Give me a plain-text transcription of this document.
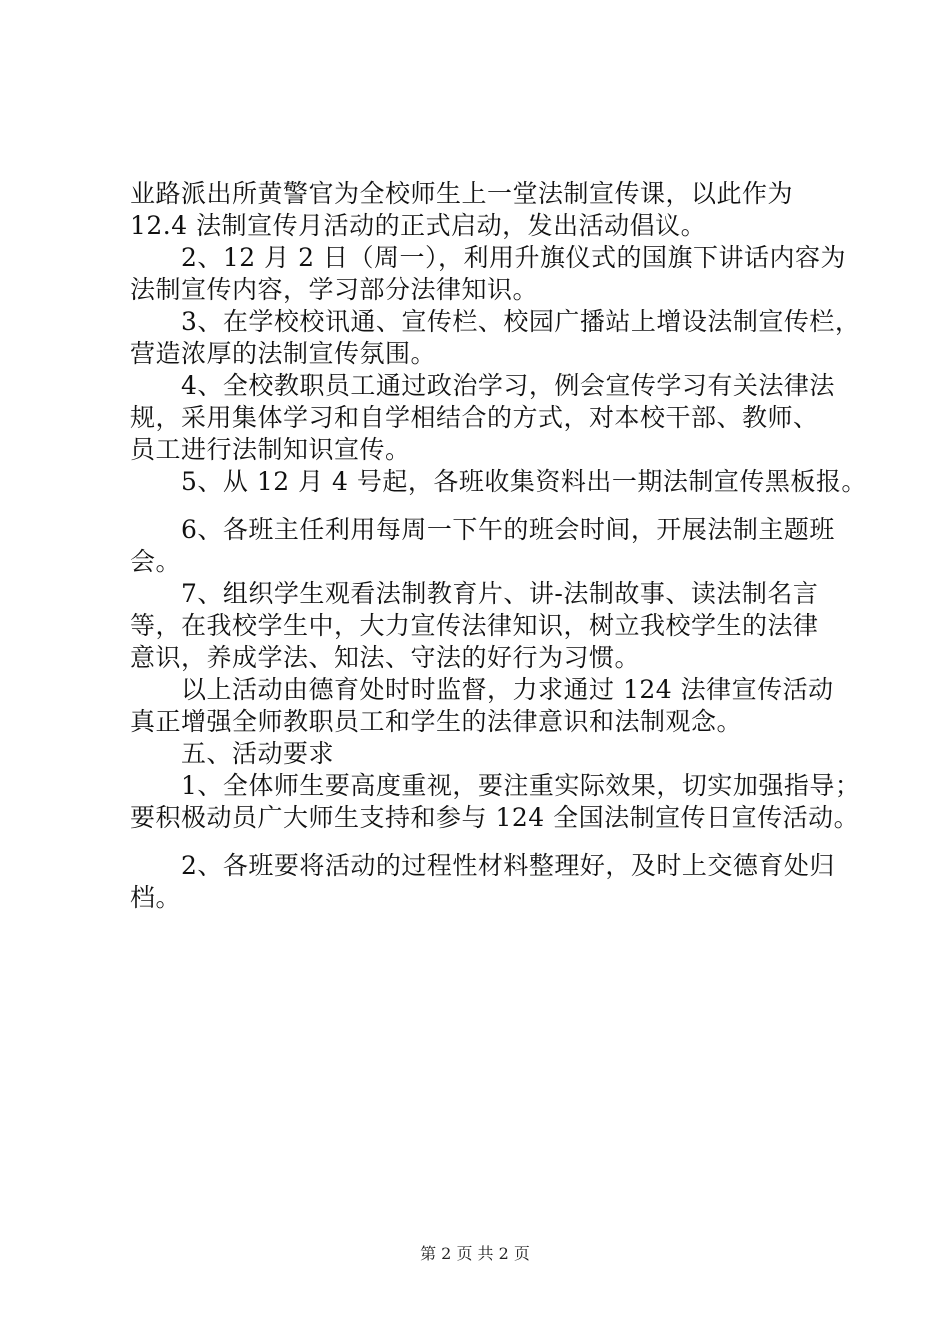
业路派出所黄警官为全校师生上一堂法制宣传课，以此作为
12.4 法制宣传月活动的正式启动，发出活动倡议。
　　2、12 月 2 日（周一），利用升旗仪式的国旗下讲话内容为
法制宣传内容，学习部分法律知识。
　　3、在学校校讯通、宣传栏、校园广播站上增设法制宣传栏，
营造浓厚的法制宣传氛围。
　　4、全校教职员工通过政治学习，例会宣传学习有关法律法
规，采用集体学习和自学相结合的方式，对本校干部、教师、
员工进行法制知识宣传。
　　5、从 12 月 4 号起，各班收集资料出一期法制宣传黑板报。
　　6、各班主任利用每周一下午的班会时间，开展法制主题班
会。
　　7、组织学生观看法制教育片、讲-法制故事、读法制名言
等，在我校学生中，大力宣传法律知识，树立我校学生的法律
意识，养成学法、知法、守法的好行为习惯。
　　以上活动由德育处时时监督，力求通过 124 法律宣传活动
真正增强全师教职员工和学生的法律意识和法制观念。
　　五、活动要求
　　1、全体师生要高度重视，要注重实际效果，切实加强指导；
要积极动员广大师生支持和参与 124 全国法制宣传日宣传活动。
　　2、各班要将活动的过程性材料整理好，及时上交德育处归
档。
第 2 页 共 2 页
